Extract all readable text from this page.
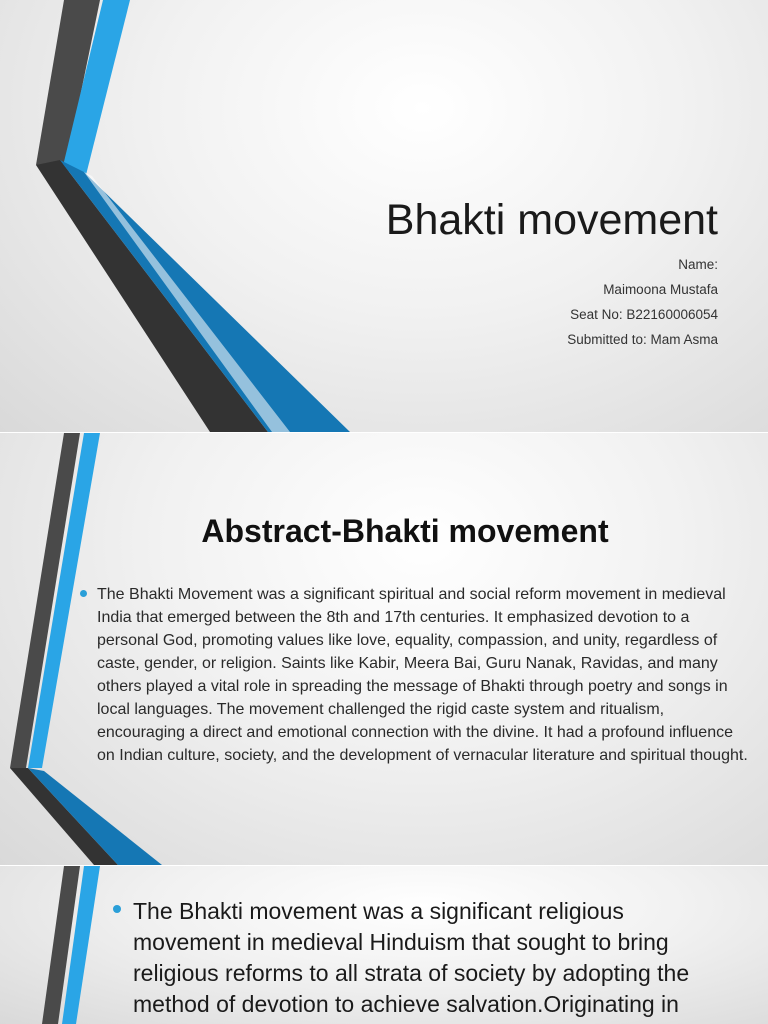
Bhakti movement
Name:
Maimoona Mustafa
Seat No: B22160006054
Submitted to: Mam Asma
Abstract-Bhakti movement
The Bhakti Movement was a significant spiritual and social reform movement in medieval India that emerged between the 8th and 17th centuries. It emphasized devotion to a personal God, promoting values like love, equality, compassion, and unity, regardless of caste, gender, or religion. Saints like Kabir, Meera Bai, Guru Nanak, Ravidas, and many others played a vital role in spreading the message of Bhakti through poetry and songs in local languages. The movement challenged the rigid caste system and ritualism, encouraging a direct and emotional connection with the divine. It had a profound influence on Indian culture, society, and the development of vernacular literature and spiritual thought.
The Bhakti movement was a significant religious movement in medieval Hinduism that sought to bring religious reforms to all strata of society by adopting the method of devotion to achieve salvation.Originating in
